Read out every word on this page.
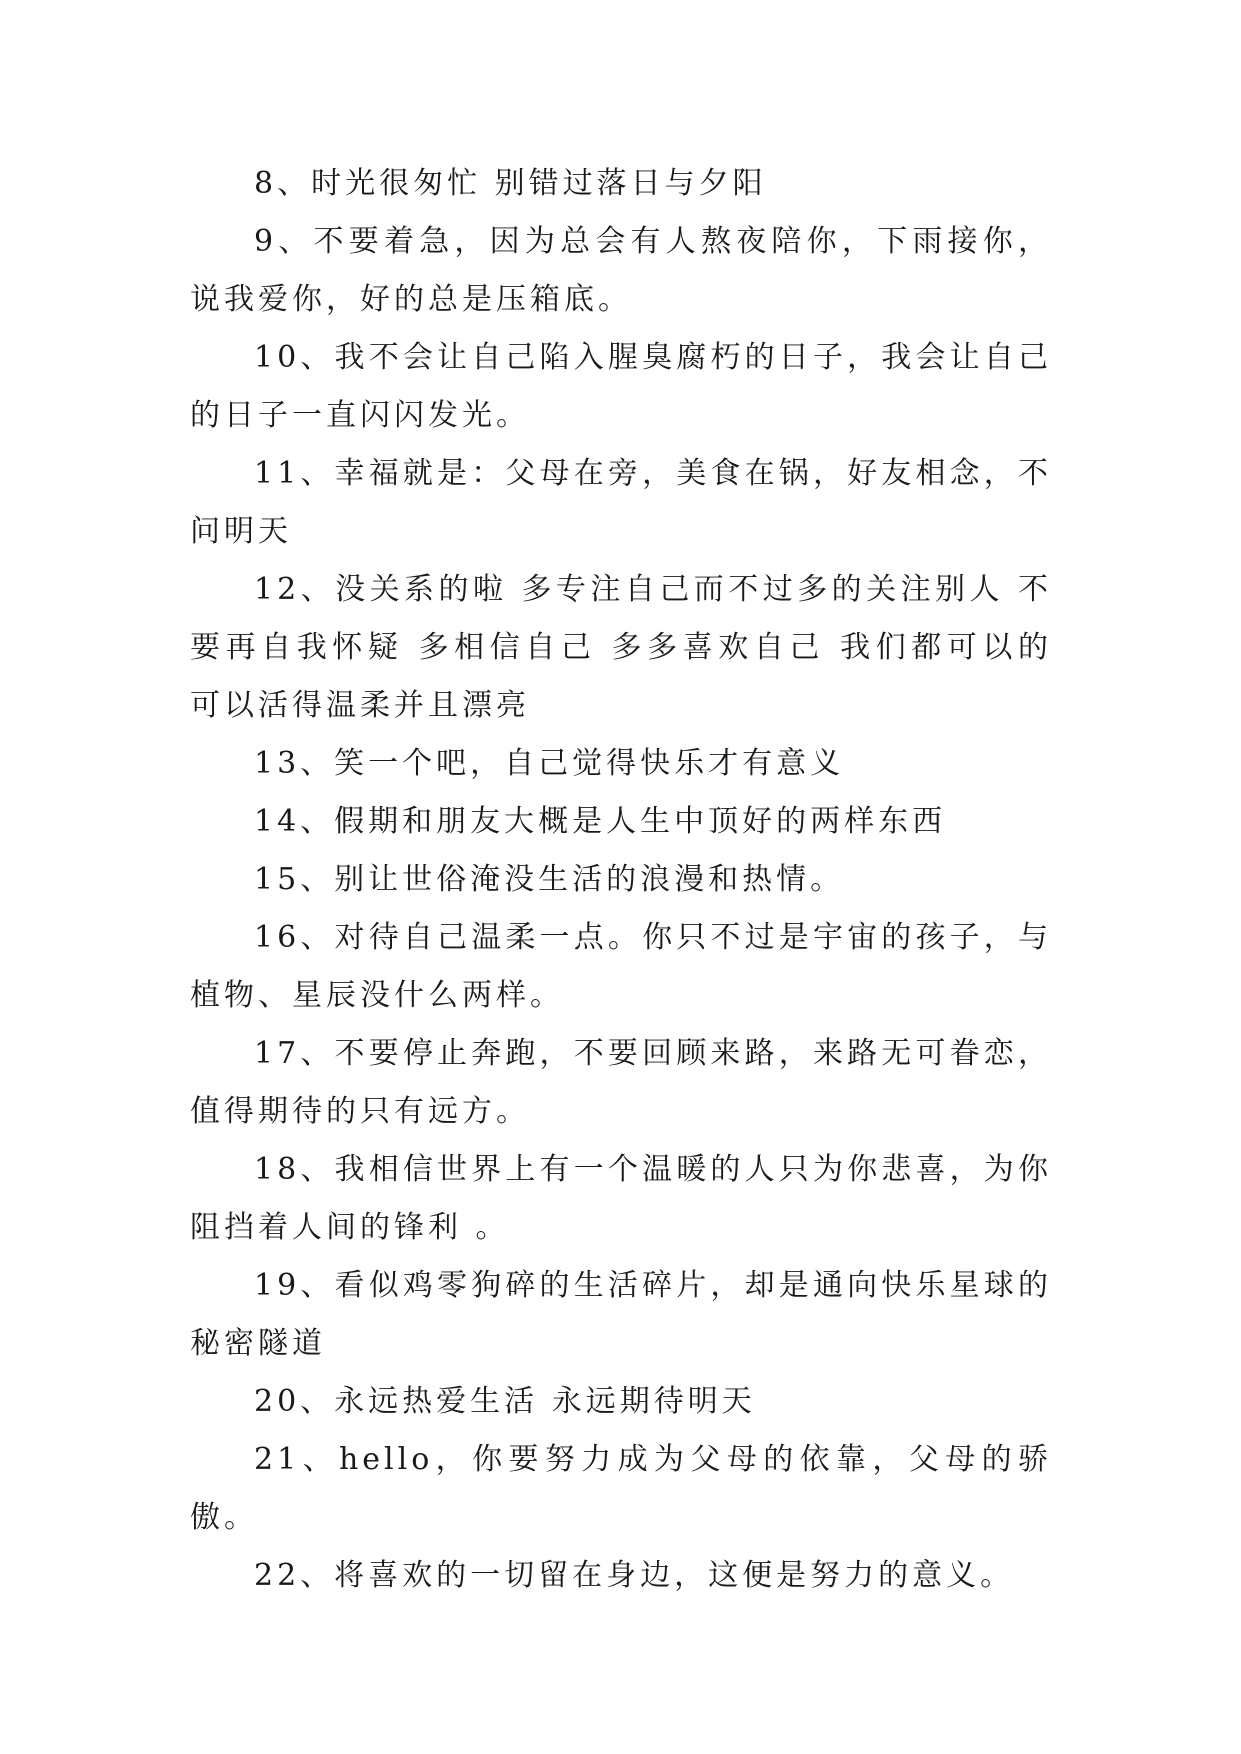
8、时光很匆忙 别错过落日与夕阳

9、不要着急，因为总会有人熬夜陪你，下雨接你，说我爱你，好的总是压箱底。

10、我不会让自己陷入腥臭腐朽的日子，我会让自己的日子一直闪闪发光。

11、幸福就是：父母在旁，美食在锅，好友相念，不问明天

12、没关系的啦 多专注自己而不过多的关注别人 不要再自我怀疑 多相信自己 多多喜欢自己 我们都可以的 可以活得温柔并且漂亮

13、笑一个吧，自己觉得快乐才有意义

14、假期和朋友大概是人生中顶好的两样东西

15、别让世俗淹没生活的浪漫和热情。

16、对待自己温柔一点。你只不过是宇宙的孩子，与植物、星辰没什么两样。

17、不要停止奔跑，不要回顾来路，来路无可眷恋，值得期待的只有远方。

18、我相信世界上有一个温暖的人只为你悲喜，为你阻挡着人间的锋利 。

19、看似鸡零狗碎的生活碎片，却是通向快乐星球的秘密隧道

20、永远热爱生活 永远期待明天

21、hello，你要努力成为父母的依靠，父母的骄傲。

22、将喜欢的一切留在身边，这便是努力的意义。
